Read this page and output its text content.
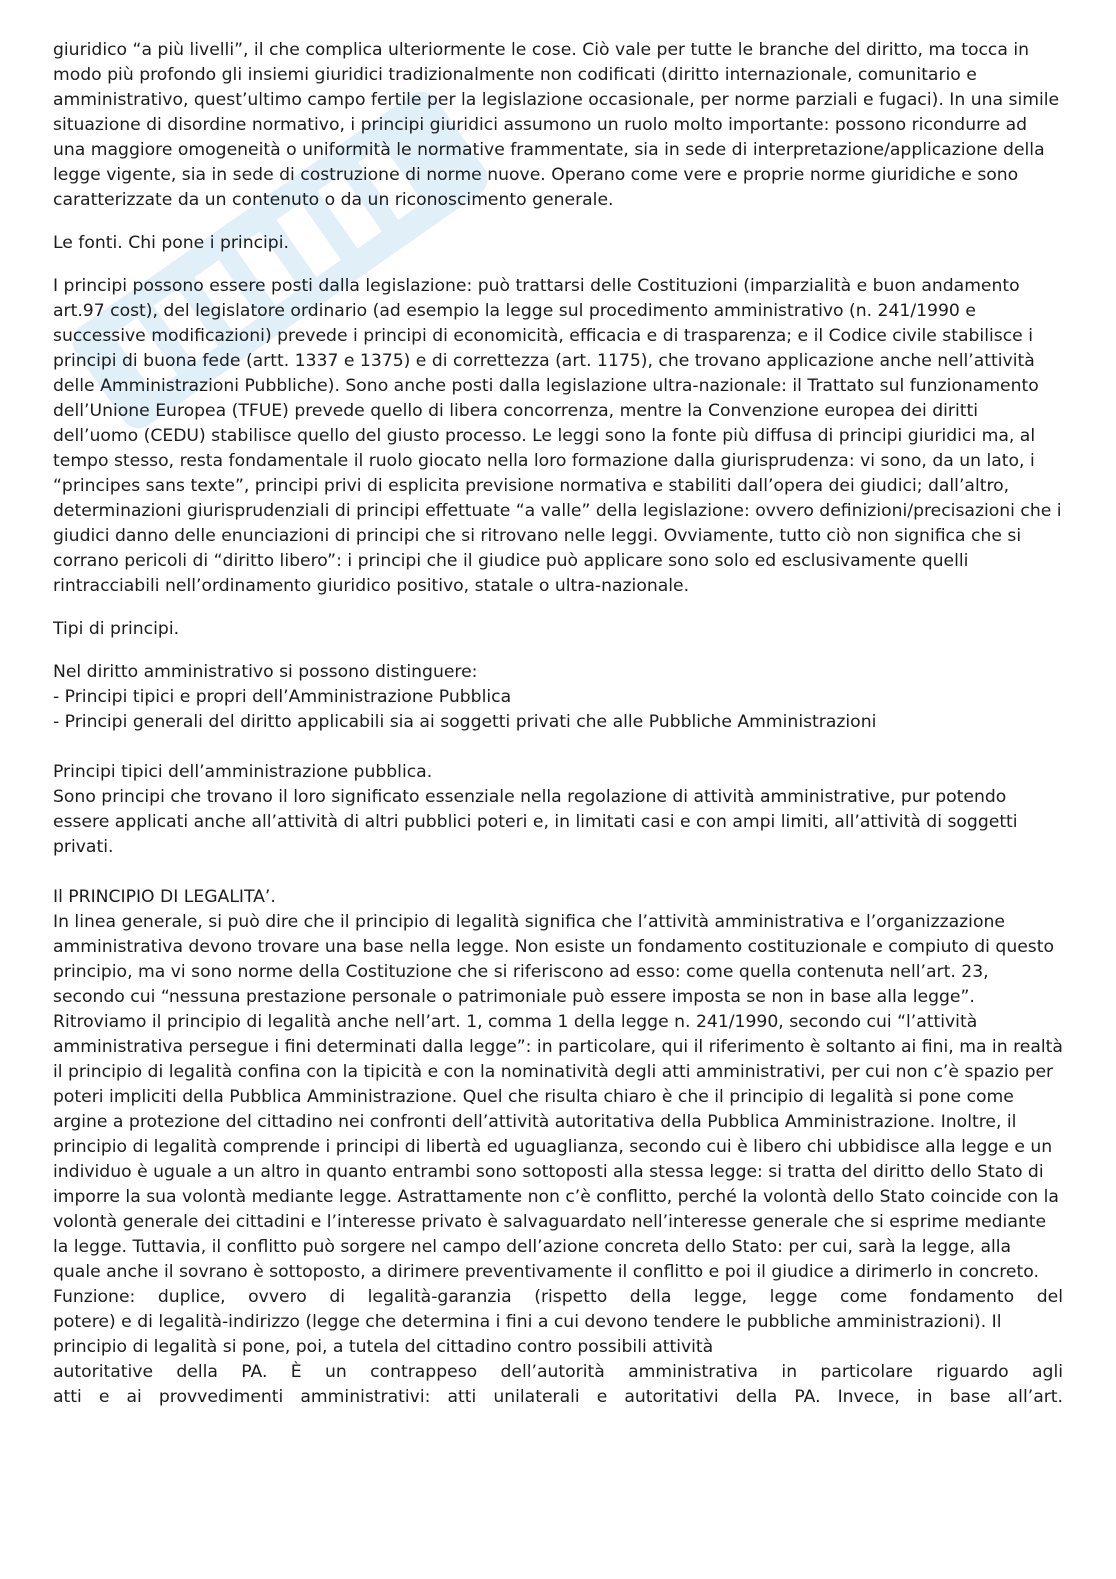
giuridico “a più livelli”, il che complica ulteriormente le cose. Ciò vale per tutte le branche del diritto, ma tocca in modo più profondo gli insiemi giuridici tradizionalmente non codificati (diritto internazionale, comunitario e amministrativo, quest’ultimo campo fertile per la legislazione occasionale, per norme parziali e fugaci). In una simile situazione di disordine normativo, i principi giuridici assumono un ruolo molto importante: possono ricondurre ad una maggiore omogeneità o uniformità le normative frammentate, sia in sede di interpretazione/applicazione della legge vigente, sia in sede di costruzione di norme nuove. Operano come vere e proprie norme giuridiche e sono caratterizzate da un contenuto o da un riconoscimento generale.

Le fonti. Chi pone i principi.

I principi possono essere posti dalla legislazione: può trattarsi delle Costituzioni (imparzialità e buon andamento art.97 cost), del legislatore ordinario (ad esempio la legge sul procedimento amministrativo (n. 241/1990 e successive modificazioni) prevede i principi di economicità, efficacia e di trasparenza; e il Codice civile stabilisce i principi di buona fede (artt. 1337 e 1375) e di correttezza (art. 1175), che trovano applicazione anche nell’attività delle Amministrazioni Pubbliche). Sono anche posti dalla legislazione ultra-nazionale: il Trattato sul funzionamento dell’Unione Europea (TFUE) prevede quello di libera concorrenza, mentre la Convenzione europea dei diritti dell’uomo (CEDU) stabilisce quello del giusto processo. Le leggi sono la fonte più diffusa di principi giuridici ma, al tempo stesso, resta fondamentale il ruolo giocato nella loro formazione dalla giurisprudenza: vi sono, da un lato, i “principes sans texte”, principi privi di esplicita previsione normativa e stabiliti dall’opera dei giudici; dall’altro, determinazioni giurisprudenziali di principi effettuate “a valle” della legislazione: ovvero definizioni/precisazioni che i giudici danno delle enunciazioni di principi che si ritrovano nelle leggi. Ovviamente, tutto ciò non significa che si corrano pericoli di “diritto libero”: i principi che il giudice può applicare sono solo ed esclusivamente quelli rintracciabili nell’ordinamento giuridico positivo, statale o ultra-nazionale.

Tipi di principi.

Nel diritto amministrativo si possono distinguere:

- Principi tipici e propri dell’Amministrazione Pubblica

- Principi generali del diritto applicabili sia ai soggetti privati che alle Pubbliche Amministrazioni

Principi tipici dell’amministrazione pubblica.

Sono principi che trovano il loro significato essenziale nella regolazione di attività amministrative, pur potendo essere applicati anche all’attività di altri pubblici poteri e, in limitati casi e con ampi limiti, all’attività di soggetti privati.

Il PRINCIPIO DI LEGALITA’.

In linea generale, si può dire che il principio di legalità significa che l’attività amministrativa e l’organizzazione amministrativa devono trovare una base nella legge. Non esiste un fondamento costituzionale e compiuto di questo principio, ma vi sono norme della Costituzione che si riferiscono ad esso: come quella contenuta nell’art. 23, secondo cui “nessuna prestazione personale o patrimoniale può essere imposta se non in base alla legge”. Ritroviamo il principio di legalità anche nell’art. 1, comma 1 della legge n. 241/1990, secondo cui “l’attività amministrativa persegue i fini determinati dalla legge”: in particolare, qui il riferimento è soltanto ai fini, ma in realtà il principio di legalità confina con la tipicità e con la nominatività degli atti amministrativi, per cui non c’è spazio per poteri impliciti della Pubblica Amministrazione. Quel che risulta chiaro è che il principio di legalità si pone come argine a protezione del cittadino nei confronti dell’attività autoritativa della Pubblica Amministrazione. Inoltre, il principio di legalità comprende i principi di libertà ed uguaglianza, secondo cui è libero chi ubbidisce alla legge e un individuo è uguale a un altro in quanto entrambi sono sottoposti alla stessa legge: si tratta del diritto dello Stato di imporre la sua volontà mediante legge. Astrattamente non c’è conflitto, perché la volontà dello Stato coincide con la volontà generale dei cittadini e l’interesse privato è salvaguardato nell’interesse generale che si esprime mediante la legge. Tuttavia, il conflitto può sorgere nel campo dell’azione concreta dello Stato: per cui, sarà la legge, alla quale anche il sovrano è sottoposto, a dirimere preventivamente il conflitto e poi il giudice a dirimerlo in concreto.

Funzione: duplice, ovvero di legalità-garanzia (rispetto della legge, legge come fondamento del

potere) e di legalità-indirizzo (legge che determina i fini a cui devono tendere le pubbliche amministrazioni). Il principio di legalità si pone, poi, a tutela del cittadino contro possibili attività

autoritative della PA. È un contrappeso dell’autorità amministrativa in particolare riguardo agli

atti e ai provvedimenti amministrativi: atti unilaterali e autoritativi della PA. Invece, in base all’art.
